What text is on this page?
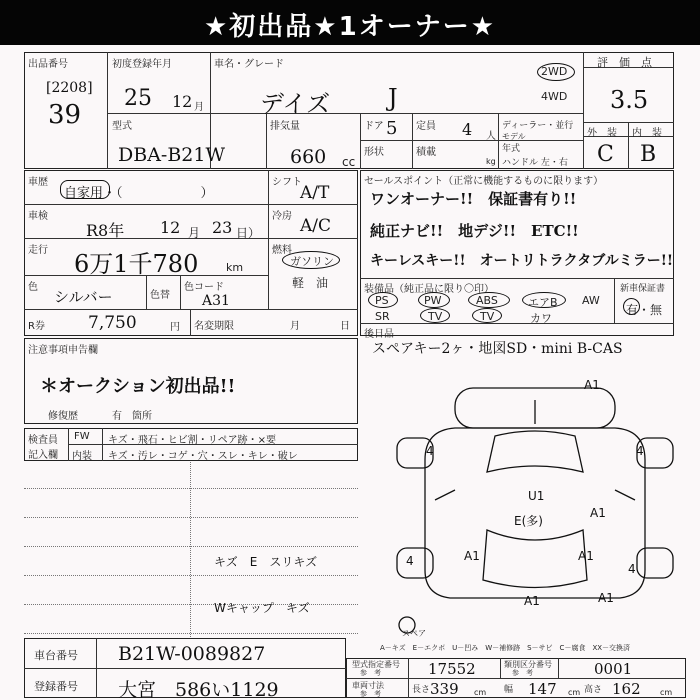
★初出品★1オーナー★
出品番号
[2208]
39
初度登録年月
25 12 月
車名・グレード
デイズ J
2WD
4WD
評　価　点
3.5
型式
DBA-B21W
排気量
660 cc
ドア 5 定員 4 人
ディーラー・並行
モデル
年式
形状	積載
kg ハンドル 左・右
外　装 内　装
C B
車歴
自家用・（　　　　　　）
車検
R8年 12 月 23 日）
走行 6万1千780	km
色
シルバー	色替
色コード
A31
シフト
A/T
冷房 A/C
燃料
ガソリン
軽　油
R券	7,750	円 名変期限	月	日
セールスポイント（正常に機能するものに限ります）
ワンオーナー!!　保証書有り!!
純正ナビ!!　地デジ!!　ETC!!
キーレスキー!!　オートリトラクタブルミラー!!
装備品（純正品に限り〇印）	新車保証書
有・無
後日品
スペアキー2ヶ・地図SD・mini B-CAS
PS	PW	ABS	エアB AW
SR	TV	TV	カワ
注意事項申告欄
＊オークション初出品!!
修復歴	有 箇所
検査員
記入欄
FW キズ・飛石・ヒビ割・リペア跡・×要
内装 キズ・汚レ・コゲ・穴・スレ・キレ・破レ
キズ　E　スリキズ
Wキャップ　キズ
A1
4	4
4
4
U1
E(多)
A1
A1	A1
A1	A1
スペア
A－キズ　E－エクボ　U－凹み　W－補修跡　S－サビ　C－腐食　XX－交換済
車台番号 B21W-0089827
登録番号 大宮　586い1129
型式指定番号
参　考	17552	類別区分番号
参　考	0001
車両寸法
参　考	長さ 339 cm 幅 147 cm 高さ 162 cm
